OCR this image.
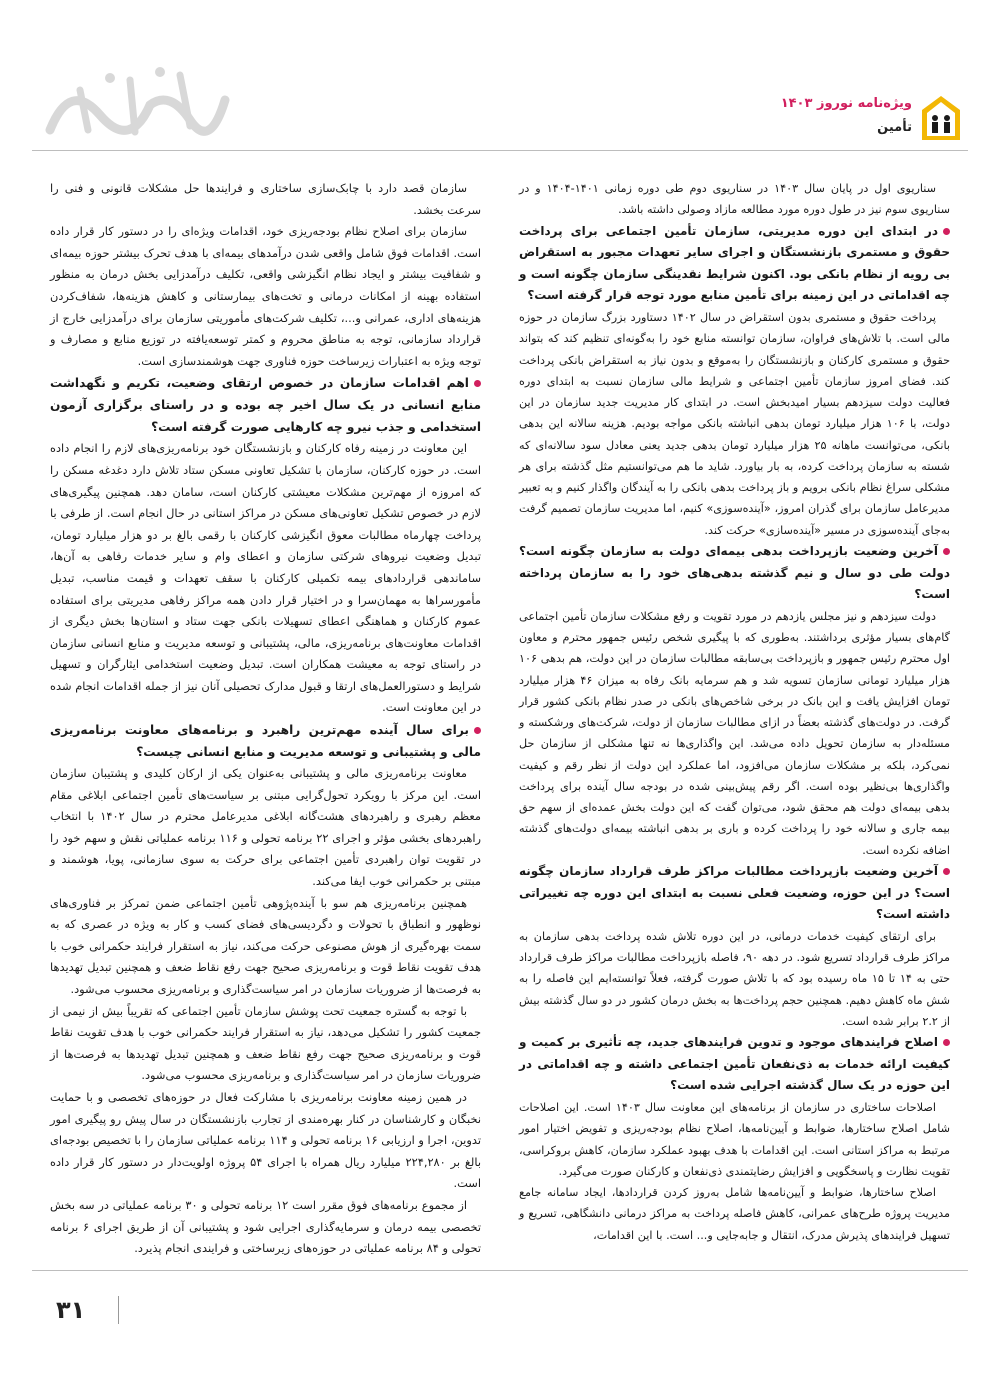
ویژه‌نامه نوروز ۱۴۰۳
تأمین

سناریوی اول در پایان سال ۱۴۰۳ در سناریوی دوم طی دوره زمانی ۱۴۰۱-۱۴۰۴ و در سناریوی سوم نیز در طول دوره مورد مطالعه مازاد وصولی داشته باشد.

در ابتدای این دوره مدیریتی، سازمان تأمین اجتماعی برای پرداخت حقوق و مستمری بازنشستگان و اجرای سایر تعهدات مجبور به استقراض بی رویه از نظام بانکی بود. اکنون شرایط نقدینگی سازمان چگونه است و چه اقداماتی در این زمینه برای تأمین منابع مورد توجه قرار گرفته است؟

پرداخت حقوق و مستمری بدون استقراض در سال ۱۴۰۲ دستاورد بزرگ سازمان در حوزه مالی است. با تلاش‌های فراوان، سازمان توانسته منابع خود را به‌گونه‌ای تنظیم کند که بتواند حقوق و مستمری کارکنان و بازنشستگان را به‌موقع و بدون نیاز به استقراض بانکی پرداخت کند. فضای امروز سازمان تأمین اجتماعی و شرایط مالی سازمان نسبت به ابتدای دوره فعالیت دولت سیزدهم بسیار امیدبخش است. در ابتدای کار مدیریت جدید سازمان در این دولت، با ۱۰۶ هزار میلیارد تومان بدهی انباشته بانکی مواجه بودیم. هزینه سالانه این بدهی بانکی، می‌توانست ماهانه ۲۵ هزار میلیارد تومان بدهی جدید یعنی معادل سود سالانه‌ای که شسته به سازمان پرداخت کرده، به بار بیاورد. شاید ما هم می‌توانستیم مثل گذشته برای هر مشکلی سراغ نظام بانکی برویم و باز پرداخت بدهی بانکی را به آیندگان واگذار کنیم و به تعبیر مدیرعامل سازمان برای گذران امروز، «آینده‌سوزی» کنیم، اما مدیریت سازمان تصمیم گرفت به‌جای آینده‌سوزی در مسیر «آینده‌سازی» حرکت کند.

آخرین وضعیت بازپرداخت بدهی بیمه‌ای دولت به سازمان چگونه است؟ دولت طی دو سال و نیم گذشته بدهی‌های خود را به سازمان پرداخته است؟

دولت سیزدهم و نیز مجلس یازدهم در مورد تقویت و رفع مشکلات سازمان تأمین اجتماعی گام‌های بسیار مؤثری برداشتند. به‌طوری که با پیگیری شخص رئیس جمهور محترم و معاون اول محترم رئیس جمهور و بازپرداخت بی‌سابقه مطالبات سازمان در این دولت، هم بدهی ۱۰۶ هزار میلیارد تومانی سازمان تسویه شد و هم سرمایه بانک رفاه به میزان ۴۶ هزار میلیارد تومان افزایش یافت و این بانک در برخی شاخص‌های بانکی در صدر نظام بانکی کشور قرار گرفت. در دولت‌های گذشته بعضاً در ازای مطالبات سازمان از دولت، شرکت‌های ورشکسته و مسئله‌دار به سازمان تحویل داده می‌شد. این واگذاری‌ها نه تنها مشکلی از سازمان حل نمی‌کرد، بلکه بر مشکلات سازمان می‌افزود، اما عملکرد این دولت از نظر رقم و کیفیت واگذاری‌ها بی‌نظیر بوده است. اگر رقم پیش‌بینی شده در بودجه سال آینده برای پرداخت بدهی بیمه‌ای دولت هم محقق شود، می‌توان گفت که این دولت بخش عمده‌ای از سهم حق بیمه جاری و سالانه خود را پرداخت کرده و باری بر بدهی انباشته بیمه‌ای دولت‌های گذشته اضافه نکرده است.

آخرین وضعیت بازپرداخت مطالبات مراکز طرف قرارداد سازمان چگونه است؟ در این حوزه، وضعیت فعلی نسبت به ابتدای این دوره چه تغییراتی داشته است؟

برای ارتقای کیفیت خدمات درمانی، در این دوره تلاش شده پرداخت بدهی سازمان به مراکز طرف قرارداد تسریع شود. در دهه ۹۰، فاصله بازپرداخت مطالبات مراکز طرف قرارداد حتی به ۱۴ تا ۱۵ ماه رسیده بود که با تلاش صورت گرفته، فعلاً توانسته‌ایم این فاصله را به شش ماه کاهش دهیم. همچنین حجم پرداخت‌ها به بخش درمان کشور در دو سال گذشته بیش از ۲.۲ برابر شده است.

اصلاح فرایندهای موجود و تدوین فرایندهای جدید، چه تأثیری بر کمیت و کیفیت ارائه خدمات به ذی‌نفعان تأمین اجتماعی داشته و چه اقداماتی در این حوزه در یک سال گذشته اجرایی شده است؟

اصلاحات ساختاری در سازمان از برنامه‌های این معاونت سال ۱۴۰۳ است. این اصلاحات شامل اصلاح ساختارها، ضوابط و آیین‌نامه‌ها، اصلاح نظام بودجه‌ریزی و تفویض اختیار امور مرتبط به مراکز استانی است. این اقدامات با هدف بهبود عملکرد سازمان، کاهش بروکراسی، تقویت نظارت و پاسخگویی و افزایش رضایتمندی ذی‌نفعان و کارکنان صورت می‌گیرد.

اصلاح ساختارها، ضوابط و آیین‌نامه‌ها شامل به‌روز کردن قراردادها، ایجاد سامانه جامع مدیریت پروژه طرح‌های عمرانی، کاهش فاصله پرداخت به مراکز درمانی دانشگاهی، تسریع و تسهیل فرایندهای پذیرش مدرک، انتقال و جابه‌جایی و... است. با این اقدامات،

سازمان قصد دارد با چابک‌سازی ساختاری و فرایندها حل مشکلات قانونی و فنی را سرعت بخشد.

سازمان برای اصلاح نظام بودجه‌ریزی خود، اقدامات ویژه‌ای را در دستور کار قرار داده است. اقدامات فوق شامل واقعی شدن درآمدهای بیمه‌ای با هدف تحرک بیشتر حوزه بیمه‌ای و شفافیت بیشتر و ایجاد نظام انگیزشی واقعی، تکلیف درآمدزایی بخش درمان به منظور استفاده بهینه از امکانات درمانی و تخت‌های بیمارستانی و کاهش هزینه‌ها، شفاف‌کردن هزینه‌های اداری، عمرانی و...، تکلیف شرکت‌های مأموریتی سازمان برای درآمدزایی خارج از قرارداد سازمانی، توجه به مناطق محروم و کمتر توسعه‌یافته در توزیع منابع و مصارف و توجه ویژه به اعتبارات زیرساخت حوزه فناوری جهت هوشمندسازی است.

اهم اقدامات سازمان در خصوص ارتقای وضعیت، تکریم و نگهداشت منابع انسانی در یک سال اخیر چه بوده و در راستای برگزاری آزمون استخدامی و جذب نیرو چه کارهایی صورت گرفته است؟

این معاونت در زمینه رفاه کارکنان و بازنشستگان خود برنامه‌ریزی‌های لازم را انجام داده است. در حوزه کارکنان، سازمان با تشکیل تعاونی مسکن ستاد تلاش دارد دغدغه مسکن را که امروزه از مهم‌ترین مشکلات معیشتی کارکنان است، سامان دهد. همچنین پیگیری‌های لازم در خصوص تشکیل تعاونی‌های مسکن در مراکز استانی در حال انجام است. از طرفی با پرداخت چهارماه مطالبات معوق انگیزشی کارکنان با رقمی بالغ بر دو هزار میلیارد تومان، تبدیل وضعیت نیروهای شرکتی سازمان و اعطای وام و سایر خدمات رفاهی به آن‌ها، ساماندهی قراردادهای بیمه تکمیلی کارکنان با سقف تعهدات و قیمت مناسب، تبدیل مأمورسراها به مهمان‌سرا و در اختیار قرار دادن همه مراکز رفاهی مدیریتی برای استفاده عموم کارکنان و هماهنگی اعطای تسهیلات بانکی جهت ستاد و استان‌ها بخش دیگری از اقدامات معاونت‌های برنامه‌ریزی، مالی، پشتیبانی و توسعه مدیریت و منابع انسانی سازمان در راستای توجه به معیشت همکاران است. تبدیل وضعیت استخدامی ایثارگران و تسهیل شرایط و دستورالعمل‌های ارتقا و قبول مدارک تحصیلی آنان نیز از جمله اقدامات انجام شده در این معاونت است.

برای سال آینده مهم‌ترین راهبرد و برنامه‌های معاونت برنامه‌ریزی مالی و پشتیبانی و توسعه مدیریت و منابع انسانی چیست؟

معاونت برنامه‌ریزی مالی و پشتیبانی به‌عنوان یکی از ارکان کلیدی و پشتیبان سازمان است. این مرکز با رویکرد تحول‌گرایی مبتنی بر سیاست‌های تأمین اجتماعی ابلاغی مقام معظم رهبری و راهبردهای هشت‌گانه ابلاغی مدیرعامل محترم در سال ۱۴۰۲ با انتخاب راهبردهای بخشی مؤثر و اجرای ۲۲ برنامه تحولی و ۱۱۶ برنامه عملیاتی نقش و سهم خود را در تقویت توان راهبردی تأمین اجتماعی برای حرکت به سوی سازمانی، پویا، هوشمند و مبتنی بر حکمرانی خوب ایفا می‌کند.

همچنین برنامه‌ریزی هم سو با آینده‌پژوهی تأمین اجتماعی ضمن تمرکز بر فناوری‌های نوظهور و انطباق با تحولات و دگردیسی‌های فضای کسب و کار به ویژه در عصری که به سمت بهره‌گیری از هوش مصنوعی حرکت می‌کند، نیاز به استقرار فرایند حکمرانی خوب با هدف تقویت نقاط قوت و برنامه‌ریزی صحیح جهت رفع نقاط ضعف و همچنین تبدیل تهدیدها به فرصت‌ها از ضروریات سازمان در امر سیاست‌گذاری و برنامه‌ریزی محسوب می‌شود.

با توجه به گستره جمعیت تحت پوشش سازمان تأمین اجتماعی که تقریباً بیش از نیمی از جمعیت کشور را تشکیل می‌دهد، نیاز به استقرار فرایند حکمرانی خوب با هدف تقویت نقاط قوت و برنامه‌ریزی صحیح جهت رفع نقاط ضعف و همچنین تبدیل تهدیدها به فرصت‌ها از ضروریات سازمان در امر سیاست‌گذاری و برنامه‌ریزی محسوب می‌شود.

در همین زمینه معاونت برنامه‌ریزی با مشارکت فعال در حوزه‌های تخصصی و با حمایت نخبگان و کارشناسان در کنار بهره‌مندی از تجارب بازنشستگان در سال پیش رو پیگیری امور تدوین، اجرا و ارزیابی ۱۶ برنامه تحولی و ۱۱۴ برنامه عملیاتی سازمان را با تخصیص بودجه‌ای بالغ بر ۲۲۴,۲۸۰ میلیارد ریال همراه با اجرای ۵۴ پروژه اولویت‌دار در دستور کار قرار داده است.

از مجموع برنامه‌های فوق مقرر است ۱۲ برنامه تحولی و ۳۰ برنامه عملیاتی در سه بخش تخصصی بیمه درمان و سرمایه‌گذاری اجرایی شود و پشتیبانی آن از طریق اجرای ۶ برنامه تحولی و ۸۴ برنامه عملیاتی در حوزه‌های زیرساختی و فرایندی انجام پذیرد.

۳۱
